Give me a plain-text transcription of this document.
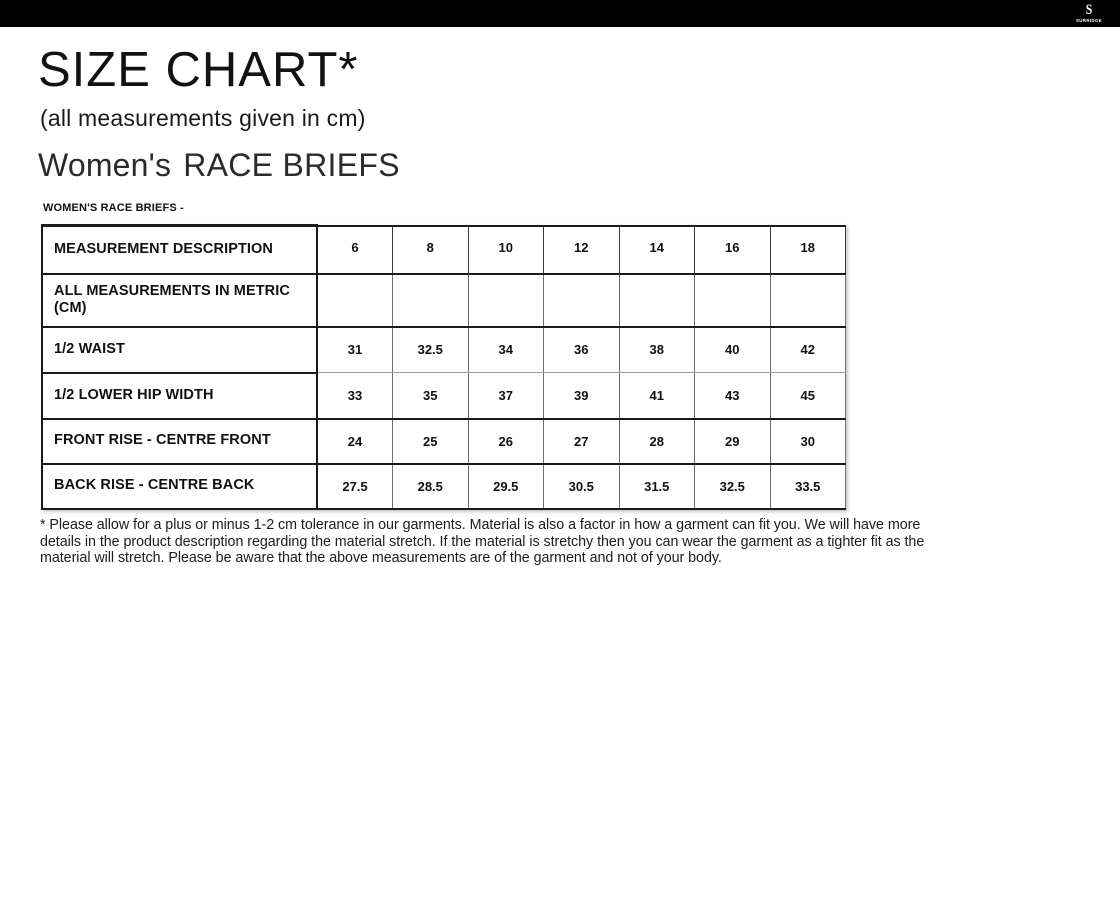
S
SURRIDGE
SIZE CHART*
(all measurements given in cm)
Women's RACE BRIEFS
WOMEN'S RACE BRIEFS -
MEASUREMENT DESCRIPTION	6	8	10	12	14	16	18
ALL MEASUREMENTS IN METRIC
(CM)							
1/2 WAIST	31	32.5	34	36	38	40	42
1/2 LOWER HIP WIDTH	33	35	37	39	41	43	45
FRONT RISE - CENTRE FRONT	24	25	26	27	28	29	30
BACK RISE - CENTRE BACK	27.5	28.5	29.5	30.5	31.5	32.5	33.5
* Please allow for a plus or minus 1-2 cm tolerance in our garments. Material is also a factor in how a garment can fit you. We will have more details in the product description regarding the material stretch. If the material is stretchy then you can wear the garment as a tighter fit as the material will stretch. Please be aware that the above measurements are of the garment and not of your body.
